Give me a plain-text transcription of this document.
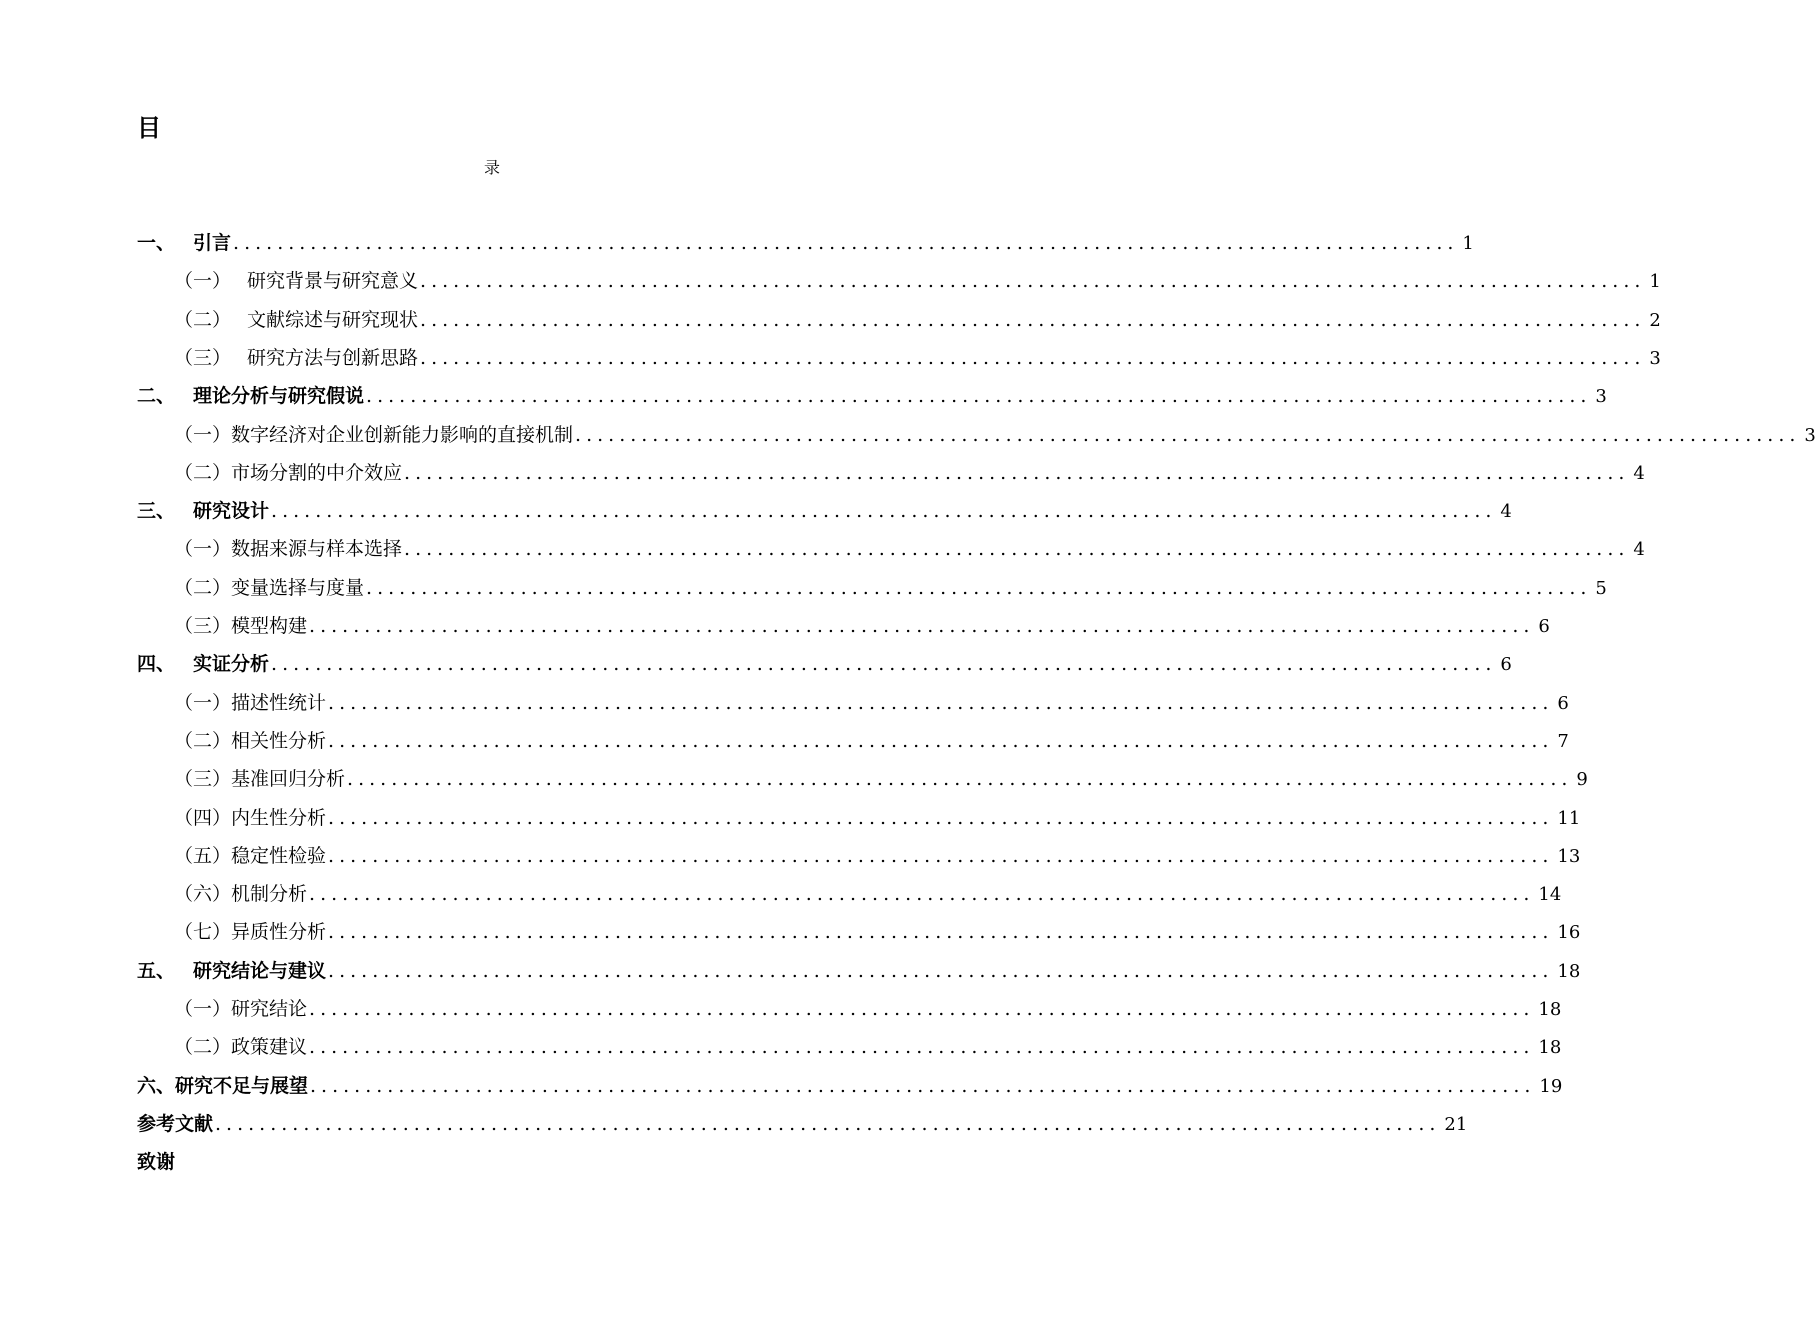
目
录
一、 引言 ............................................................................................................... 1
（一） 研究背景与研究意义 ............................................................................................................... 1
（二） 文献综述与研究现状 ............................................................................................................... 2
（三） 研究方法与创新思路 ............................................................................................................... 3
二、 理论分析与研究假说 ............................................................................................................... 3
（一） 数字经济对企业创新能力影响的直接机制 ............................................................................................................... 3
（二） 市场分割的中介效应 ............................................................................................................... 4
三、 研究设计 ............................................................................................................... 4
（一） 数据来源与样本选择 ............................................................................................................... 4
（二） 变量选择与度量 ............................................................................................................... 5
（三） 模型构建 ............................................................................................................... 6
四、 实证分析 ............................................................................................................... 6
（一） 描述性统计 ............................................................................................................... 6
（二） 相关性分析 ............................................................................................................... 7
（三） 基准回归分析 ............................................................................................................... 9
（四） 内生性分析 ............................................................................................................... 11
（五） 稳定性检验 ............................................................................................................... 13
（六） 机制分析 ............................................................................................................... 14
（七） 异质性分析 ............................................................................................................... 16
五、 研究结论与建议 ............................................................................................................... 18
（一） 研究结论 ............................................................................................................... 18
（二） 政策建议 ............................................................................................................... 18
六、研究不足与展望 ............................................................................................................... 19
参考文献 ............................................................................................................... 21
致谢
